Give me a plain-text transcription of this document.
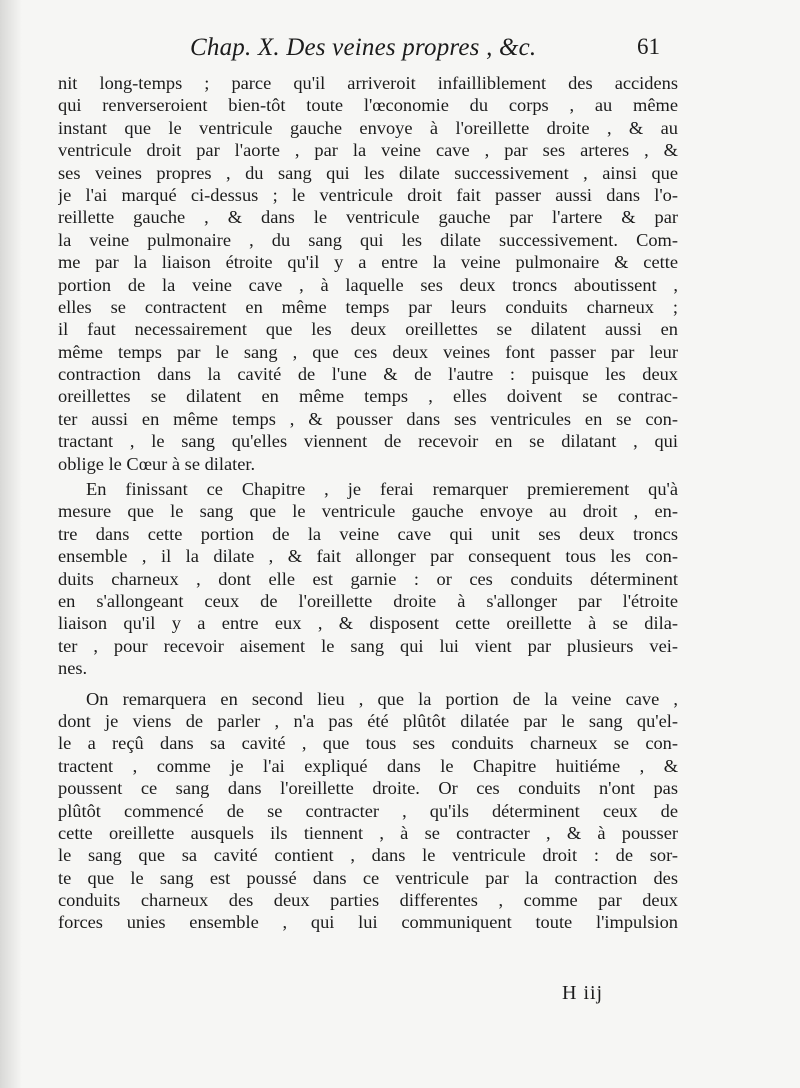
Chap. X. Des veines propres , &c.	61
nit long-temps ; parce qu'il arriveroit infailliblement des accidens
qui renverseroient bien-tôt toute l'œconomie du corps , au même
instant que le ventricule gauche envoye à l'oreillette droite , & au
ventricule droit par l'aorte , par la veine cave , par ses arteres , &
ses veines propres , du sang qui les dilate successivement , ainsi que
je l'ai marqué ci-dessus ; le ventricule droit fait passer aussi dans l'o-
reillette gauche , & dans le ventricule gauche par l'artere & par
la veine pulmonaire , du sang qui les dilate successivement. Com-
me par la liaison étroite qu'il y a entre la veine pulmonaire & cette
portion de la veine cave , à laquelle ses deux troncs aboutissent ,
elles se contractent en même temps par leurs conduits charneux ;
il faut necessairement que les deux oreillettes se dilatent aussi en
même temps par le sang , que ces deux veines font passer par leur
contraction dans la cavité de l'une & de l'autre : puisque les deux
oreillettes se dilatent en même temps , elles doivent se contrac-
ter aussi en même temps , & pousser dans ses ventricules en se con-
tractant , le sang qu'elles viennent de recevoir en se dilatant , qui
oblige le Cœur à se dilater.
En finissant ce Chapitre , je ferai remarquer premierement qu'à
mesure que le sang que le ventricule gauche envoye au droit , en-
tre dans cette portion de la veine cave qui unit ses deux troncs
ensemble , il la dilate , & fait allonger par consequent tous les con-
duits charneux , dont elle est garnie : or ces conduits déterminent
en s'allongeant ceux de l'oreillette droite à s'allonger par l'étroite
liaison qu'il y a entre eux , & disposent cette oreillette à se dila-
ter , pour recevoir aisement le sang qui lui vient par plusieurs vei-
nes.
On remarquera en second lieu , que la portion de la veine cave ,
dont je viens de parler , n'a pas été plûtôt dilatée par le sang qu'el-
le a reçû dans sa cavité , que tous ses conduits charneux se con-
tractent , comme je l'ai expliqué dans le Chapitre huitiéme , &
poussent ce sang dans l'oreillette droite. Or ces conduits n'ont pas
plûtôt commencé de se contracter , qu'ils déterminent ceux de
cette oreillette ausquels ils tiennent , à se contracter , & à pousser
le sang que sa cavité contient , dans le ventricule droit : de sor-
te que le sang est poussé dans ce ventricule par la contraction des
conduits charneux des deux parties differentes , comme par deux
forces unies ensemble , qui lui communiquent toute l'impulsion
H iij
